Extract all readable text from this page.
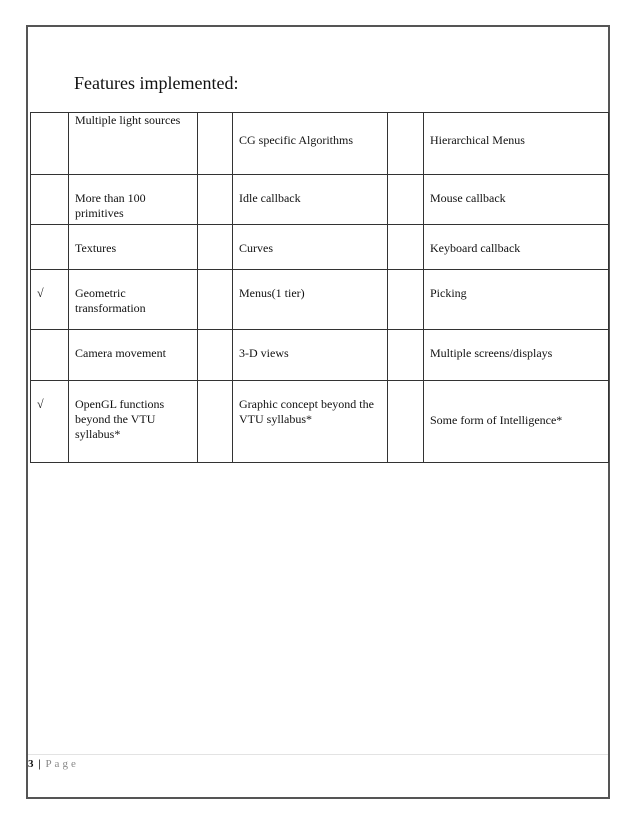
Features implemented:
	Multiple light sources		CG specific Algorithms		Hierarchical Menus
	More than 100 primitives		Idle callback		Mouse callback
	Textures		Curves		Keyboard callback
√	Geometric transformation		Menus(1 tier)		Picking
	Camera movement		3-D views		Multiple screens/displays
√	OpenGL functions beyond the VTU syllabus*		Graphic concept beyond the VTU syllabus*		Some form of Intelligence*
3 | Page
